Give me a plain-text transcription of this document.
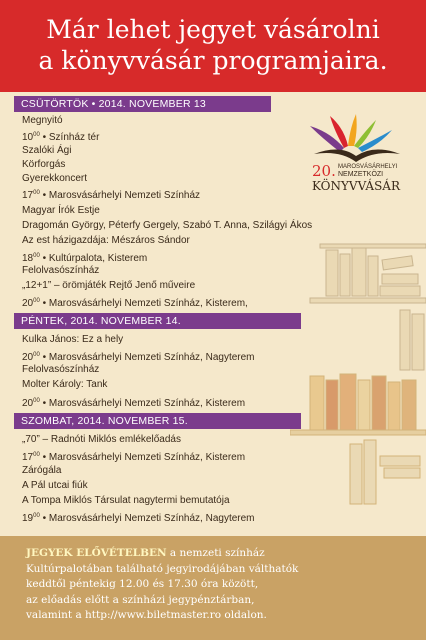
Már lehet jegyet vásárolni
a könyvvásár programjaira.
20. MAROSVÁSÁRHELYI
NEMZETKÖZI
KÖNYVVÁSÁR
CSÜTÖRTÖK • 2014. NOVEMBER 13
Megnyitó
$10^{00}$ • Színház tér
Szalóki Ági
Körforgás
Gyerekkoncert
$17^{00}$ • Marosvásárhelyi Nemzeti Színház
Magyar Írók Estje
Dragomán György, Péterfy Gergely, Szabó T. Anna, Szilágyi Ákos
Az est házigazdája: Mészáros Sándor
$18^{00}$ • Kultúrpalota, Kisterem
Felolvasószínház
„12+1” – örömjáték Rejtő Jenő műveire
$20^{00}$ • Marosvásárhelyi Nemzeti Színház, Kisterem,
PÉNTEK, 2014. NOVEMBER 14.
Kulka János: Ez a hely
$20^{00}$ • Marosvásárhelyi Nemzeti Színház, Nagyterem
Felolvasószínház
Molter Károly: Tank
$20^{00}$ • Marosvásárhelyi Nemzeti Színház, Kisterem
SZOMBAT, 2014. NOVEMBER 15.
„70” – Radnóti Miklós emlékelőadás
$17^{00}$ • Marosvásárhelyi Nemzeti Színház, Kisterem
Zárógála
A Pál utcai fiúk
A Tompa Miklós Társulat nagytermi bemutatója
$19^{00}$ • Marosvásárhelyi Nemzeti Színház, Nagyterem
JEGYEK ELŐVÉTELBEN a nemzeti színház
Kultúrpalotában található jegyirodájában válthatók
keddtől péntekig 12.00 és 17.30 óra között,
az előadás előtt a színházi jegypénztárban,
valamint a http://www.biletmaster.ro oldalon.
